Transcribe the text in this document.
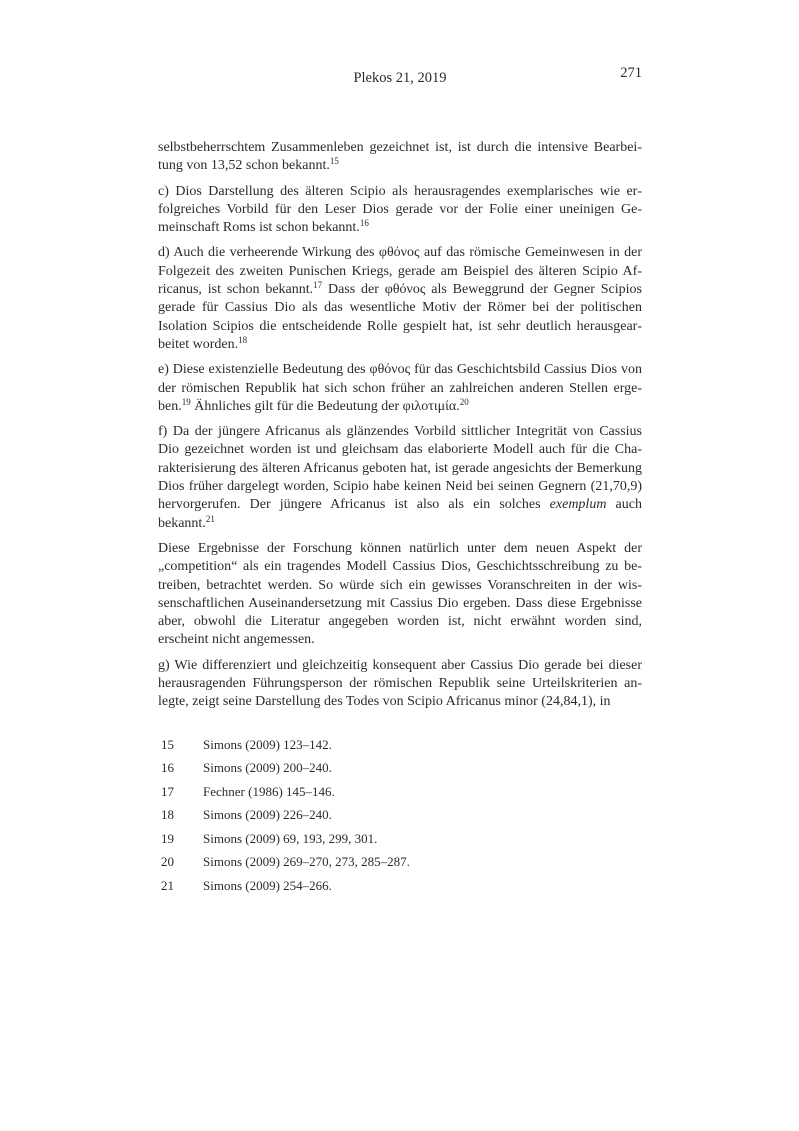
Plekos 21, 2019	271

selbstbeherrschtem Zusammenleben gezeichnet ist, ist durch die intensive Bearbeitung von 13,52 schon bekannt.$^{15}$

c) Dios Darstellung des älteren Scipio als herausragendes exemplarisches wie erfolgreiches Vorbild für den Leser Dios gerade vor der Folie einer uneinigen Gemeinschaft Roms ist schon bekannt.$^{16}$

d) Auch die verheerende Wirkung des φθόνος auf das römische Gemeinwesen in der Folgezeit des zweiten Punischen Kriegs, gerade am Beispiel des älteren Scipio Africanus, ist schon bekannt.$^{17}$ Dass der φθόνος als Beweggrund der Gegner Scipios gerade für Cassius Dio als das wesentliche Motiv der Römer bei der politischen Isolation Scipios die entscheidende Rolle gespielt hat, ist sehr deutlich herausgearbeitet worden.$^{18}$

e) Diese existenzielle Bedeutung des φθόνος für das Geschichtsbild Cassius Dios von der römischen Republik hat sich schon früher an zahlreichen anderen Stellen ergeben.$^{19}$ Ähnliches gilt für die Bedeutung der φιλοτιμία.$^{20}$

f) Da der jüngere Africanus als glänzendes Vorbild sittlicher Integrität von Cassius Dio gezeichnet worden ist und gleichsam das elaborierte Modell auch für die Charakterisierung des älteren Africanus geboten hat, ist gerade angesichts der Bemerkung Dios früher dargelegt worden, Scipio habe keinen Neid bei seinen Gegnern (21,70,9) hervorgerufen. Der jüngere Africanus ist also als ein solches exemplum auch bekannt.$^{21}$

Diese Ergebnisse der Forschung können natürlich unter dem neuen Aspekt der „competition“ als ein tragendes Modell Cassius Dios, Geschichtsschreibung zu betreiben, betrachtet werden. So würde sich ein gewisses Voranschreiten in der wissenschaftlichen Auseinandersetzung mit Cassius Dio ergeben. Dass diese Ergebnisse aber, obwohl die Literatur angegeben worden ist, nicht erwähnt worden sind, erscheint nicht angemessen.

g) Wie differenziert und gleichzeitig konsequent aber Cassius Dio gerade bei dieser herausragenden Führungsperson der römischen Republik seine Urteilskriterien anlegte, zeigt seine Darstellung des Todes von Scipio Africanus minor (24,84,1), in

15	Simons (2009) 123–142.
16	Simons (2009) 200–240.
17	Fechner (1986) 145–146.
18	Simons (2009) 226–240.
19	Simons (2009) 69, 193, 299, 301.
20	Simons (2009) 269–270, 273, 285–287.
21	Simons (2009) 254–266.
